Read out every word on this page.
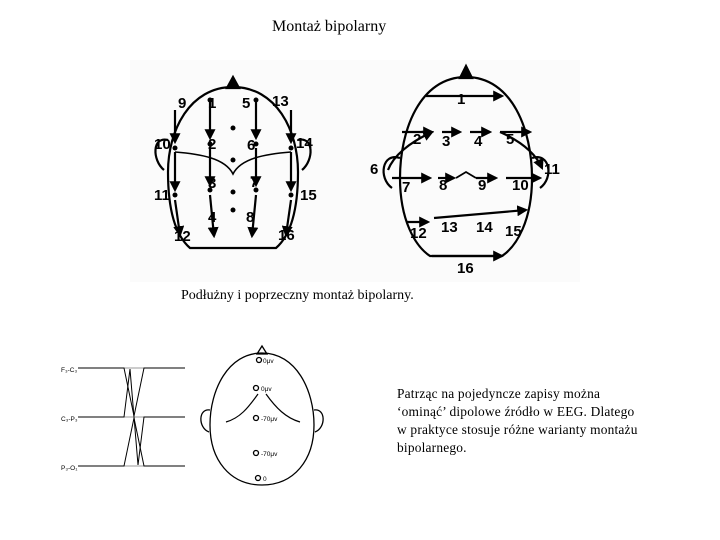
Montaż bipolarny
9 1 5 13
10 2 6	14
11
3 7
15
12
4 8
16
1
2 3 4 5
6
7 8 9 10
11
12 13 14 15
16
Podłużny i poprzeczny montaż bipolarny.
F₃-C₃
C₃-P₃
P₃-O₁
0μv
0μv
-70μv
-70μv
0
Patrząc na pojedyncze zapisy można
‘ominąć’ dipolowe źródło w EEG. Dlatego
w praktyce stosuje różne warianty montażu
bipolarnego.
